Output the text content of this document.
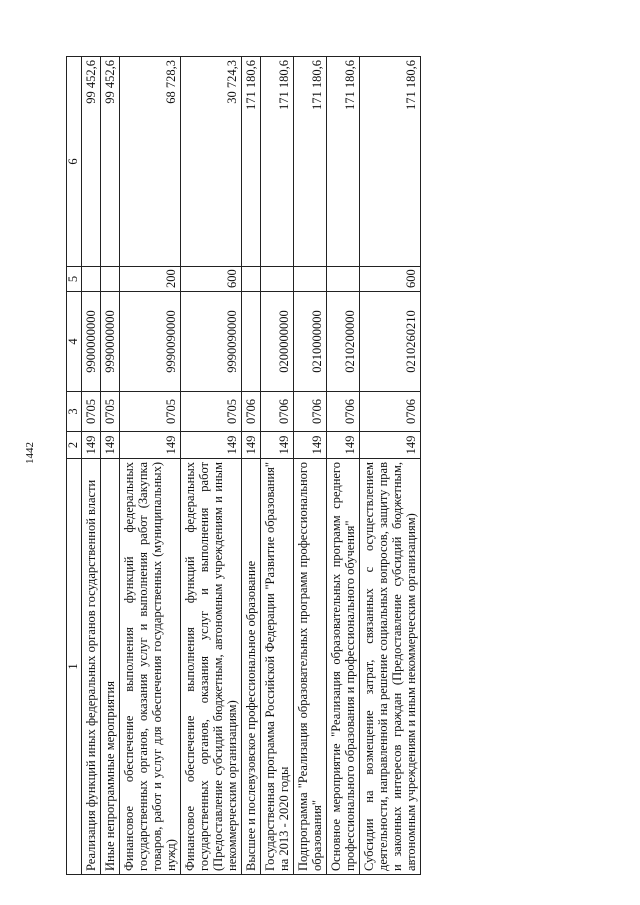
1442
1	2	3	4	5	6
Реализация функций иных федеральных органов государственной власти	149	0705	9900000000		99 452,6
Иные непрограммные мероприятия	149	0705	9990000000		99 452,6
Финансовое обеспечение выполнения функций федеральных государственных органов, оказания услуг и выполнения работ (Закупка товаров, работ и услуг для обеспечения государственных (муниципальных) нужд)	149	0705	9990090000	200	68 728,3
Финансовое обеспечение выполнения функций федеральных государственных органов, оказания услуг и выполнения работ (Предоставление субсидий бюджетным, автономным учреждениям и иным некоммерческим организациям)	149	0705	9990090000	600	30 724,3
Высшее и послевузовское профессиональное образование	149	0706			171 180,6
Государственная программа Российской Федерации "Развитие образования" на 2013 - 2020 годы	149	0706	0200000000		171 180,6
Подпрограмма "Реализация образовательных программ профессионального образования"	149	0706	0210000000		171 180,6
Основное мероприятие "Реализация образовательных программ среднего профессионального образования и профессионального обучения"	149	0706	0210200000		171 180,6
Субсидии на возмещение затрат, связанных с осуществлением деятельности, направленной на решение социальных вопросов, защиту прав и законных интересов граждан (Предоставление субсидий бюджетным, автономным учреждениям и иным некоммерческим организациям)	149	0706	0210260210	600	171 180,6
